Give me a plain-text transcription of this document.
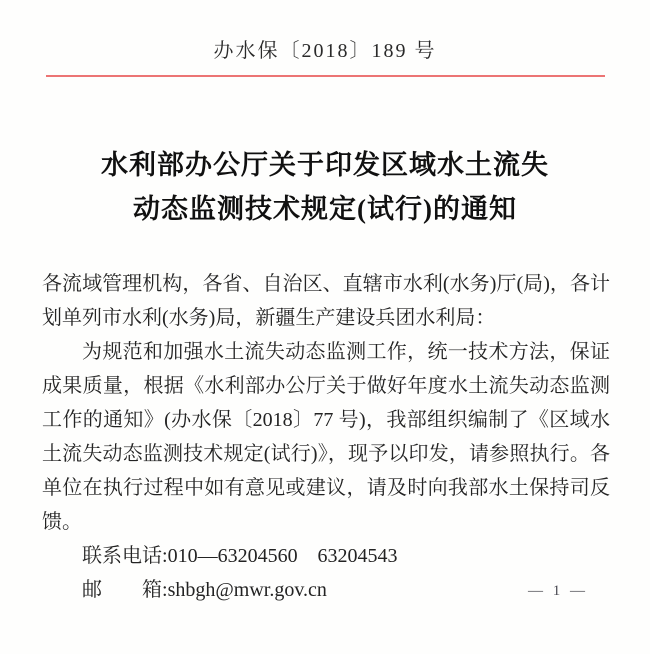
办水保〔2018〕189 号
水利部办公厅关于印发区域水土流失
动态监测技术规定(试行)的通知

各流域管理机构，各省、自治区、直辖市水利(水务)厅(局)，各计划单列市水利(水务)局，新疆生产建设兵团水利局：

为规范和加强水土流失动态监测工作，统一技术方法，保证成果质量，根据《水利部办公厅关于做好年度水土流失动态监测工作的通知》(办水保〔2018〕77 号)，我部组织编制了《区域水土流失动态监测技术规定(试行)》，现予以印发，请参照执行。各单位在执行过程中如有意见或建议，请及时向我部水土保持司反馈。

联系电话:010—63204560　63204543

邮　　箱:shbgh@mwr.gov.cn	— 1 —
